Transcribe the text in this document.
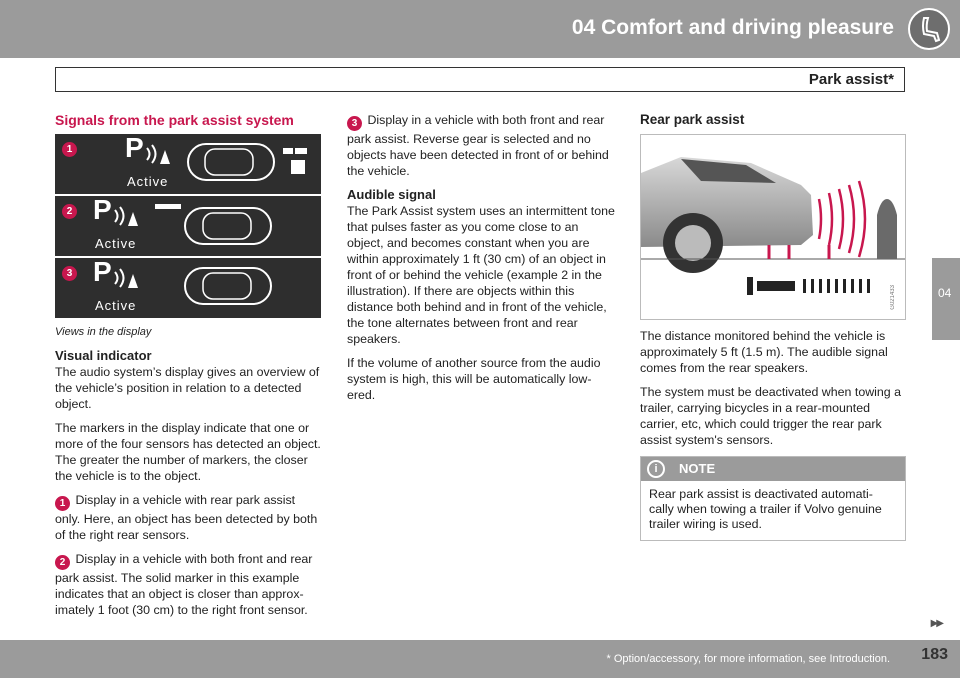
04 Comfort and driving pleasure
Park assist*
04
Signals from the park assist system
1 P
Active
2 P
Active
3 P
Active
Views in the display
Visual indicator
The audio system’s display gives an overview of the vehicle’s position in relation to a detected object.
The markers in the display indicate that one or more of the four sensors has detected an object. The greater the number of markers, the closer the vehicle is to the object.
1 Display in a vehicle with rear park assist only. Here, an object has been detected by both of the right rear sensors.
2 Display in a vehicle with both front and rear park assist. The solid marker in this example indicates that an object is closer than approx-imately 1 foot (30 cm) to the right front sensor.
3 Display in a vehicle with both front and rear park assist. Reverse gear is selected and no objects have been detected in front of or behind the vehicle.
Audible signal
The Park Assist system uses an intermittent tone that pulses faster as you come close to an object, and becomes constant when you are within approximately 1 ft (30 cm) of an object in front of or behind the vehicle (example 2 in the illustration). If there are objects within this distance both behind and in front of the vehicle, the tone alternates between front and rear speakers.
If the volume of another source from the audio system is high, this will be automatically low-ered.
Rear park assist
G021433
The distance monitored behind the vehicle is approximately 5 ft (1.5 m). The audible signal comes from the rear speakers.
The system must be deactivated when towing a trailer, carrying bicycles in a rear-mounted carrier, etc, which could trigger the rear park assist system's sensors.
i	NOTE
Rear park assist is deactivated automati-cally when towing a trailer if Volvo genuine trailer wiring is used.
▶▶
* Option/accessory, for more information, see Introduction. 183
